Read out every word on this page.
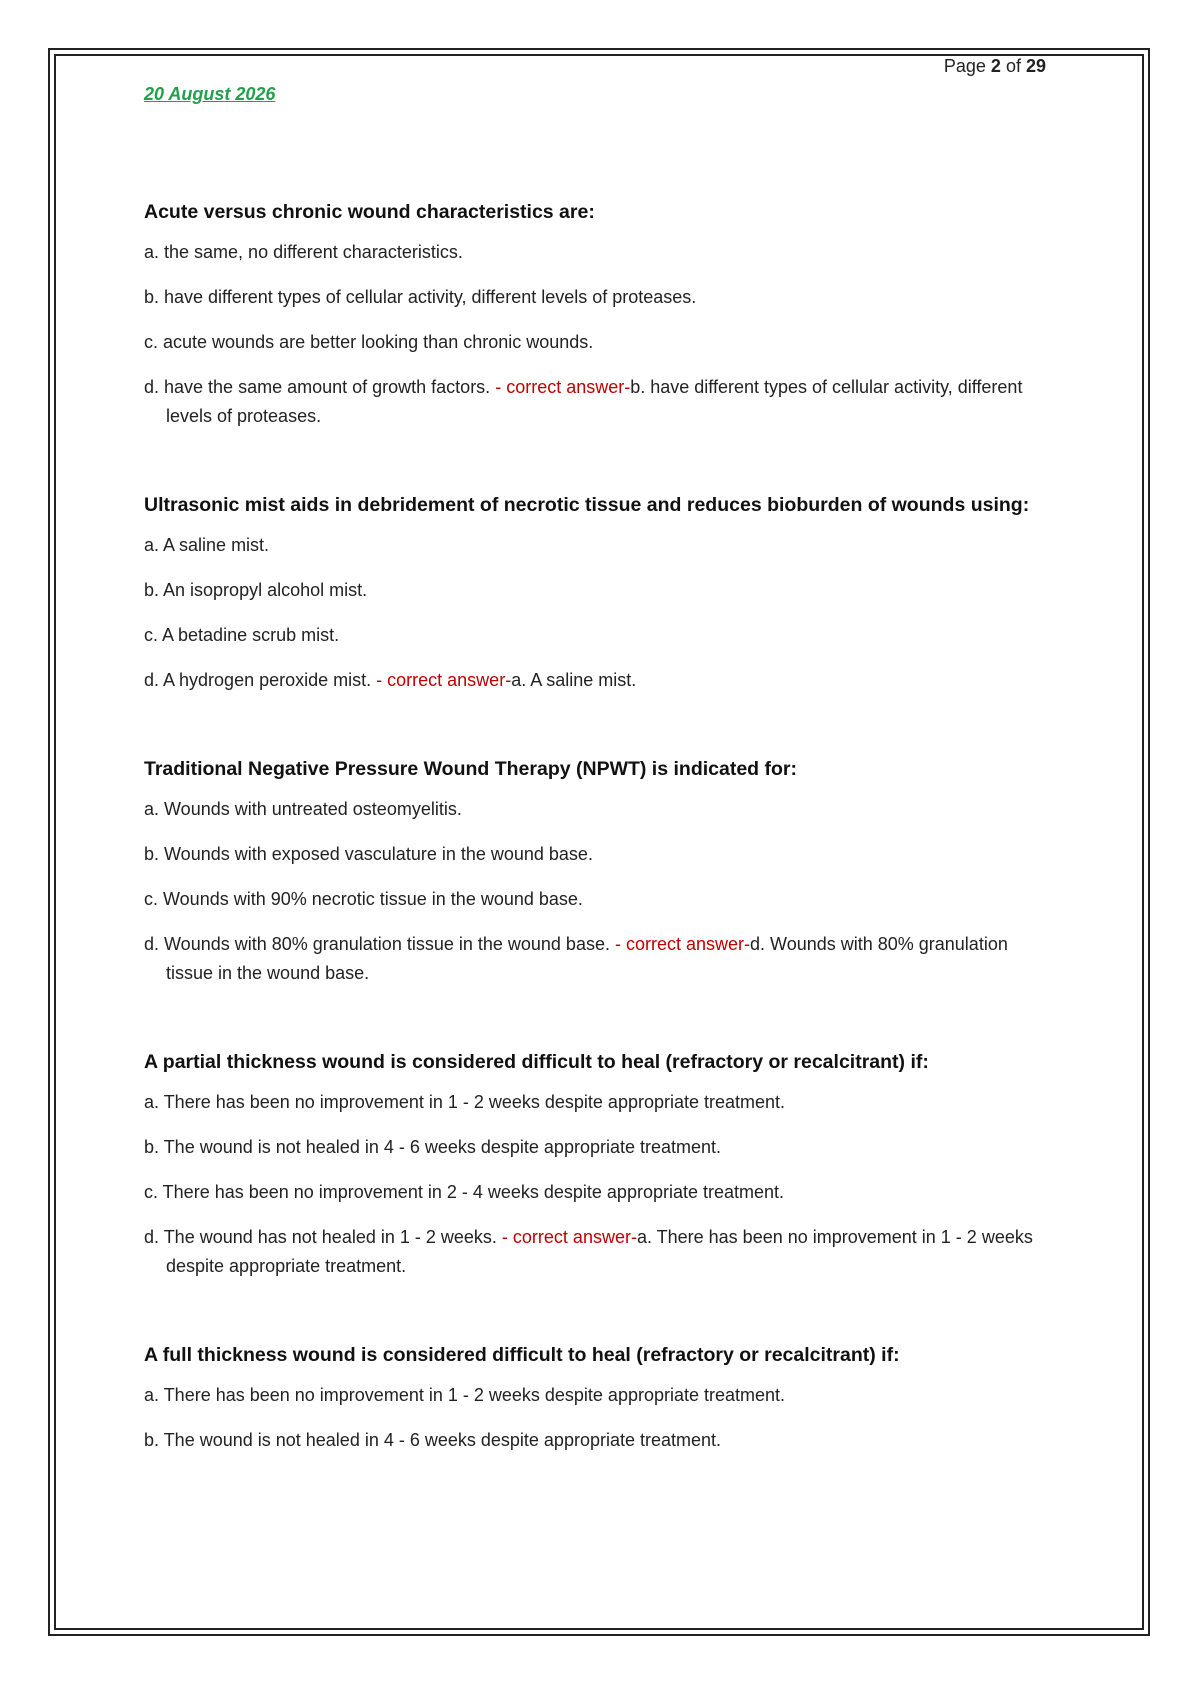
Page 2 of 29
20 August 2026
Acute versus chronic wound characteristics are:
a. the same, no different characteristics.
b. have different types of cellular activity, different levels of proteases.
c. acute wounds are better looking than chronic wounds.
d. have the same amount of growth factors. - correct answer-b. have different types of cellular activity, different levels of proteases.
Ultrasonic mist aids in debridement of necrotic tissue and reduces bioburden of wounds using:
a. A saline mist.
b. An isopropyl alcohol mist.
c. A betadine scrub mist.
d. A hydrogen peroxide mist. - correct answer-a. A saline mist.
Traditional Negative Pressure Wound Therapy (NPWT) is indicated for:
a. Wounds with untreated osteomyelitis.
b. Wounds with exposed vasculature in the wound base.
c. Wounds with 90% necrotic tissue in the wound base.
d. Wounds with 80% granulation tissue in the wound base. - correct answer-d. Wounds with 80% granulation tissue in the wound base.
A partial thickness wound is considered difficult to heal (refractory or recalcitrant) if:
a. There has been no improvement in 1 - 2 weeks despite appropriate treatment.
b. The wound is not healed in 4 - 6 weeks despite appropriate treatment.
c. There has been no improvement in 2 - 4 weeks despite appropriate treatment.
d. The wound has not healed in 1 - 2 weeks. - correct answer-a. There has been no improvement in 1 - 2 weeks despite appropriate treatment.
A full thickness wound is considered difficult to heal (refractory or recalcitrant) if:
a. There has been no improvement in 1 - 2 weeks despite appropriate treatment.
b. The wound is not healed in 4 - 6 weeks despite appropriate treatment.
